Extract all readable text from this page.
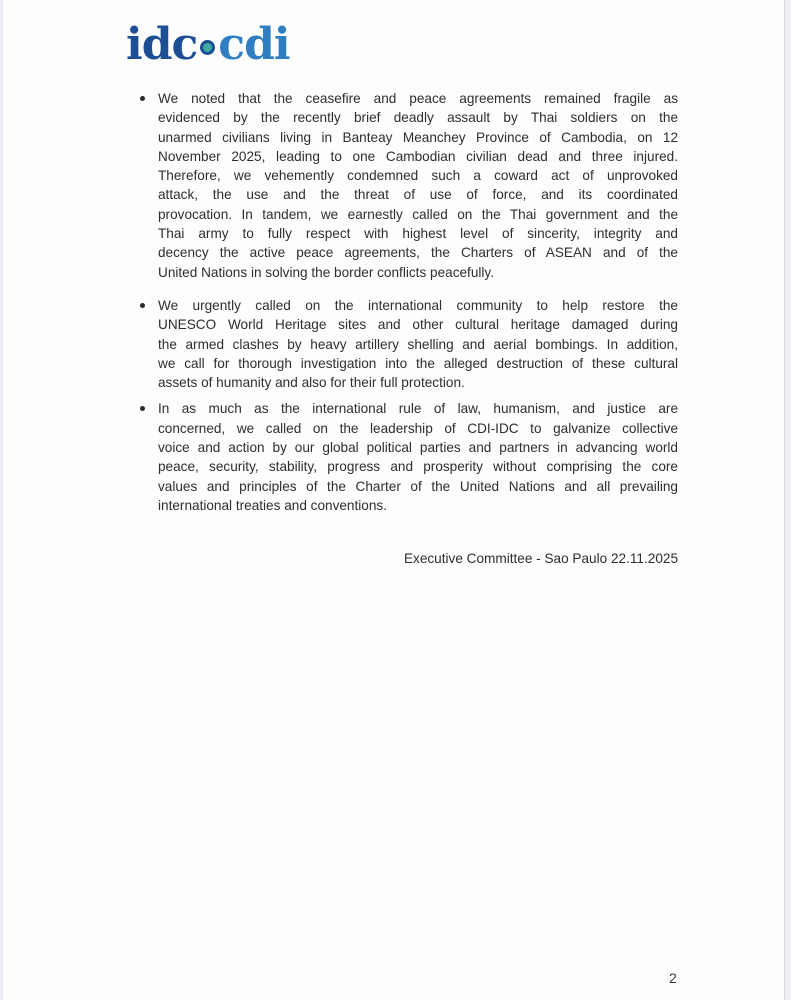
idc cdi
We noted that the ceasefire and peace agreements remained fragile as
evidenced by the recently brief deadly assault by Thai soldiers on the
unarmed civilians living in Banteay Meanchey Province of Cambodia, on 12
November 2025, leading to one Cambodian civilian dead and three injured.
Therefore, we vehemently condemned such a coward act of unprovoked
attack, the use and the threat of use of force, and its coordinated
provocation. In tandem, we earnestly called on the Thai government and the
Thai army to fully respect with highest level of sincerity, integrity and
decency the active peace agreements, the Charters of ASEAN and of the
United Nations in solving the border conflicts peacefully.
We urgently called on the international community to help restore the
UNESCO World Heritage sites and other cultural heritage damaged during
the armed clashes by heavy artillery shelling and aerial bombings. In addition,
we call for thorough investigation into the alleged destruction of these cultural
assets of humanity and also for their full protection.
In as much as the international rule of law, humanism, and justice are
concerned, we called on the leadership of CDI-IDC to galvanize collective
voice and action by our global political parties and partners in advancing world
peace, security, stability, progress and prosperity without comprising the core
values and principles of the Charter of the United Nations and all prevailing
international treaties and conventions.
Executive Committee - Sao Paulo 22.11.2025
2
